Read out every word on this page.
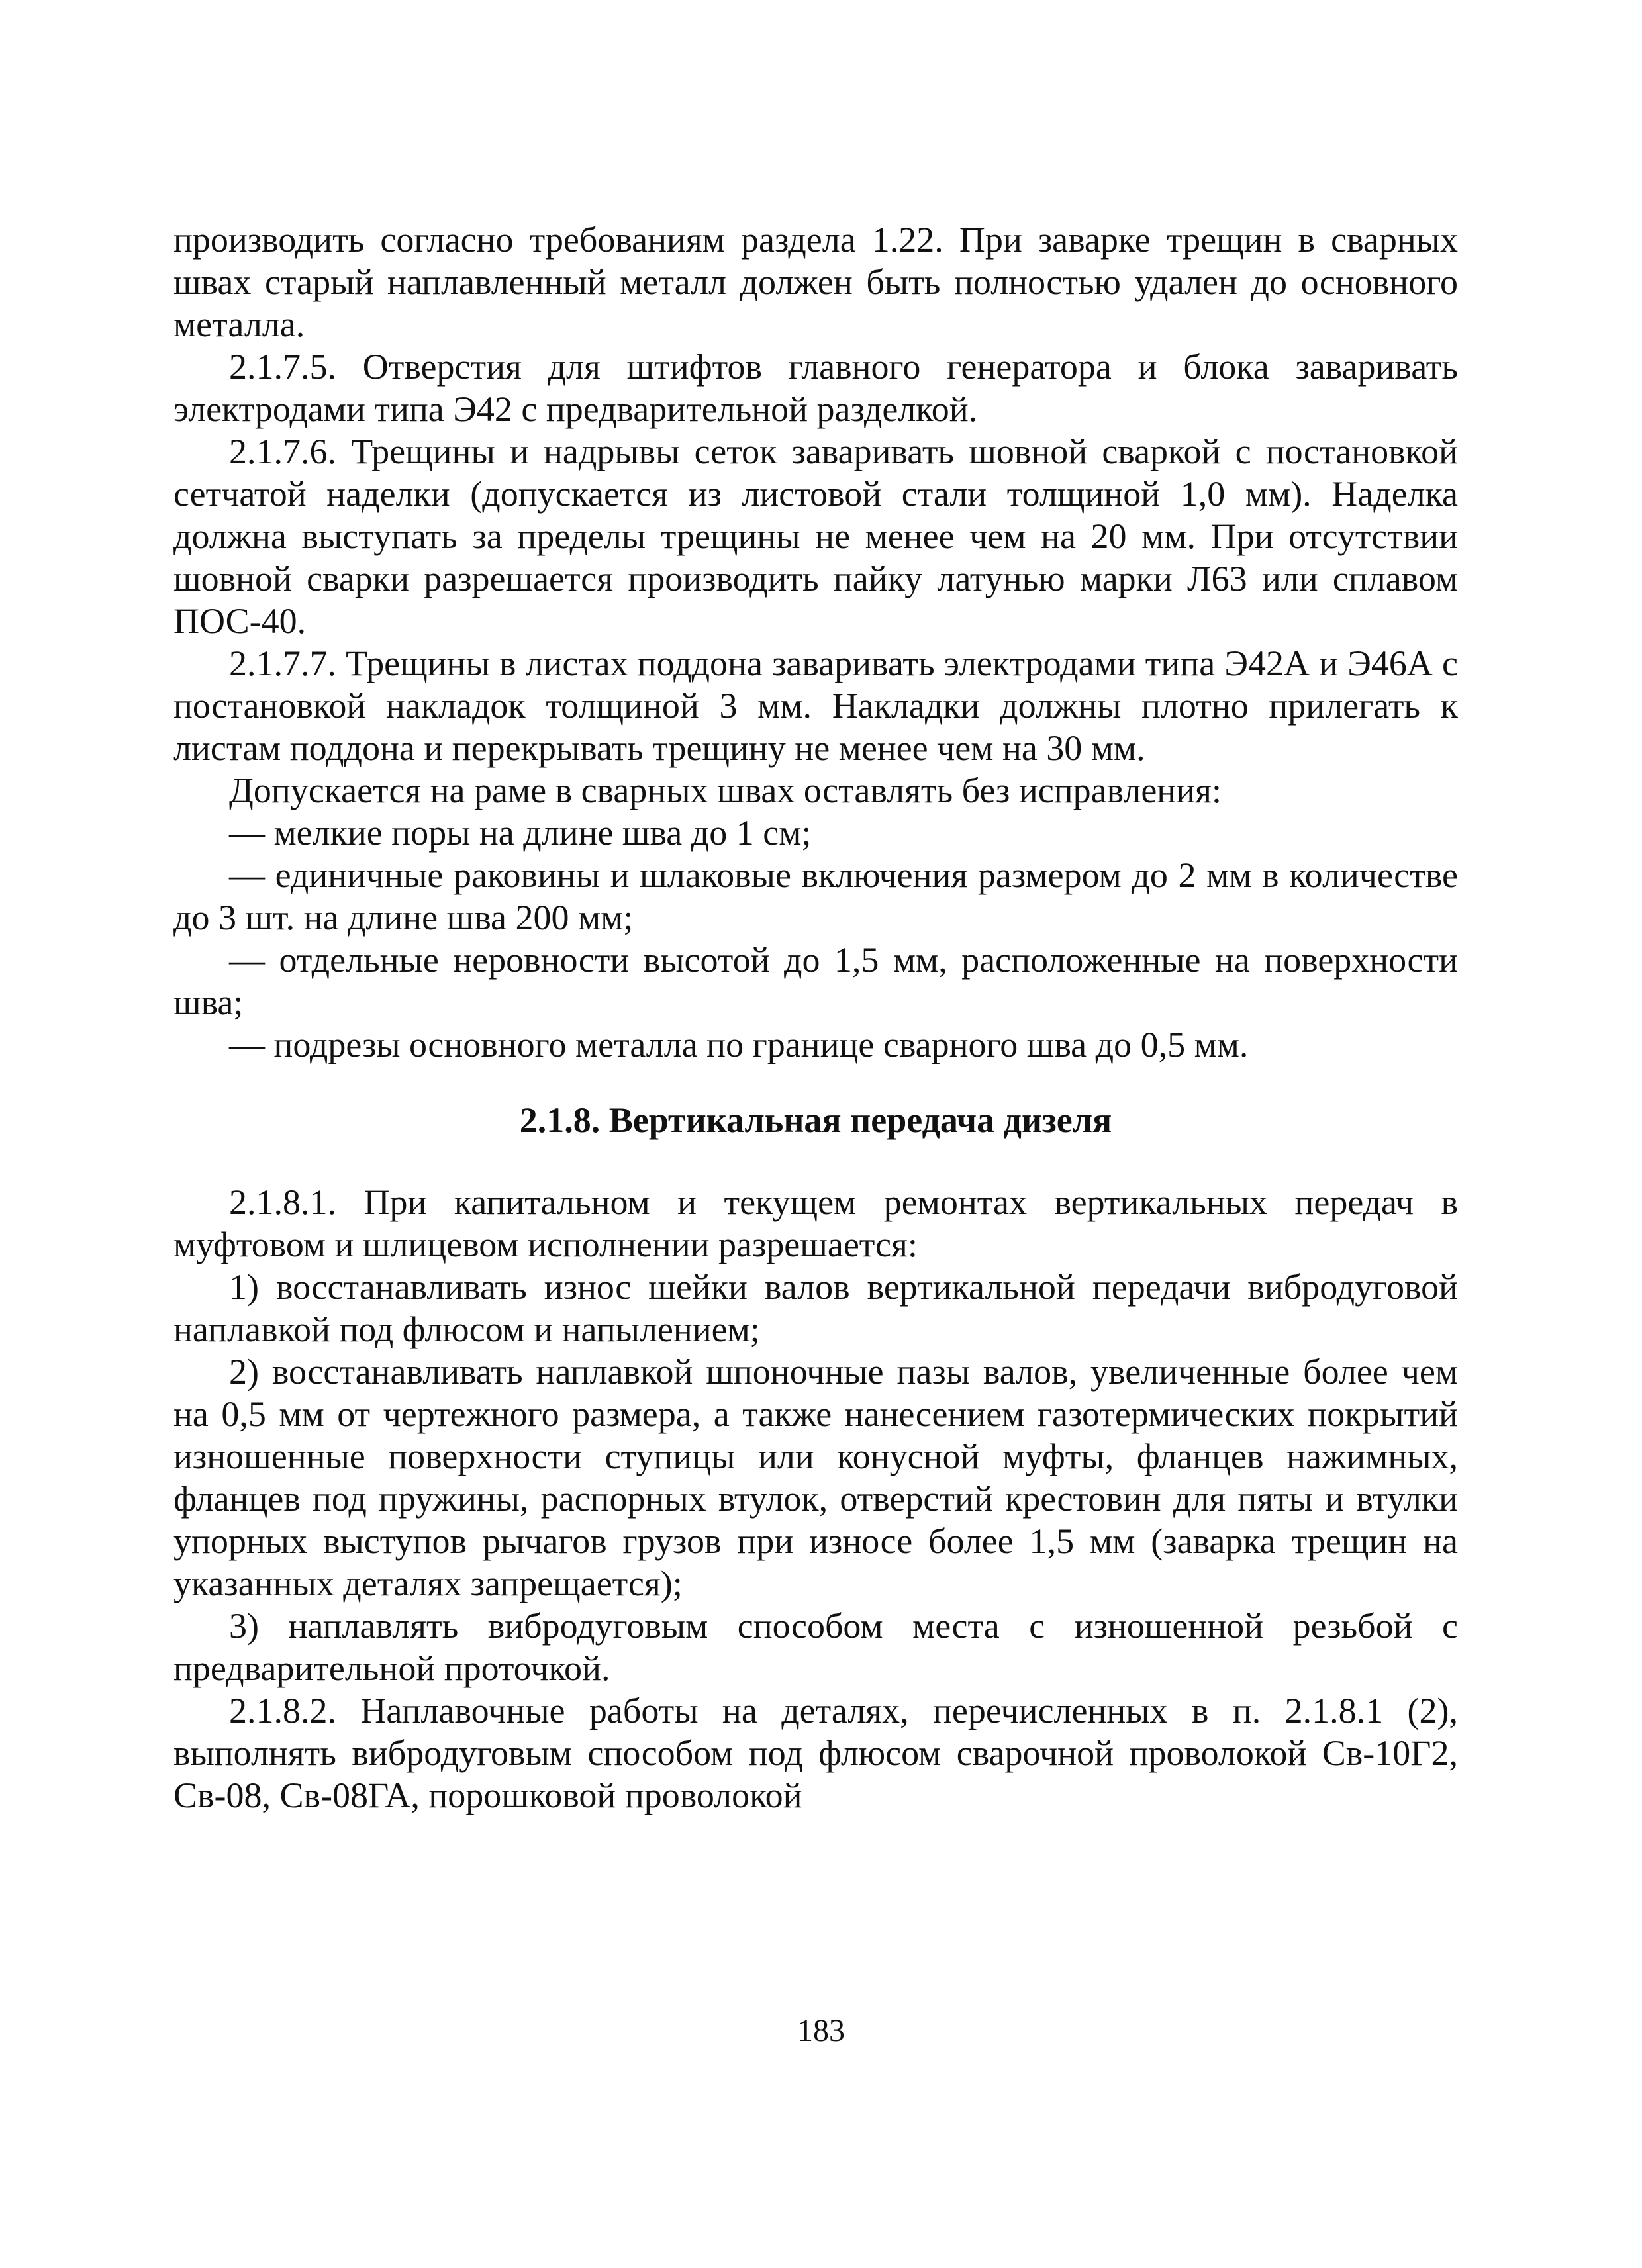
производить согласно требованиям раздела 1.22. При заварке трещин в сварных швах старый наплавленный металл должен быть полностью удален до основного металла.

2.1.7.5. Отверстия для штифтов главного генератора и блока заваривать электродами типа Э42 с предварительной разделкой.

2.1.7.6. Трещины и надрывы сеток заваривать шовной сваркой с постановкой сетчатой наделки (допускается из листовой стали толщиной 1,0 мм). Наделка должна выступать за пределы трещины не менее чем на 20 мм. При отсутствии шовной сварки разрешается производить пайку латунью марки Л63 или сплавом ПОС-40.

2.1.7.7. Трещины в листах поддона заваривать электродами типа Э42А и Э46А с постановкой накладок толщиной 3 мм. Накладки должны плотно прилегать к листам поддона и перекрывать трещину не менее чем на 30 мм.

Допускается на раме в сварных швах оставлять без исправления:

— мелкие поры на длине шва до 1 см;

— единичные раковины и шлаковые включения размером до 2 мм в количестве до 3 шт. на длине шва 200 мм;

— отдельные неровности высотой до 1,5 мм, расположенные на поверхности шва;

— подрезы основного металла по границе сварного шва до 0,5 мм.

2.1.8. Вертикальная передача дизеля

2.1.8.1. При капитальном и текущем ремонтах вертикальных передач в муфтовом и шлицевом исполнении разрешается:

1) восстанавливать износ шейки валов вертикальной передачи вибродуговой наплавкой под флюсом и напылением;

2) восстанавливать наплавкой шпоночные пазы валов, увеличенные более чем на 0,5 мм от чертежного размера, а также нанесением газотермических покрытий изношенные поверхности ступицы или конусной муфты, фланцев нажимных, фланцев под пружины, распорных втулок, отверстий крестовин для пяты и втулки упорных выступов рычагов грузов при износе более 1,5 мм (заварка трещин на указанных деталях запрещается);

3) наплавлять вибродуговым способом места с изношенной резьбой с предварительной проточкой.

2.1.8.2. Наплавочные работы на деталях, перечисленных в п. 2.1.8.1 (2), выполнять вибродуговым способом под флюсом сварочной проволокой Св-10Г2, Св-08, Св-08ГА, порошковой проволокой

183
